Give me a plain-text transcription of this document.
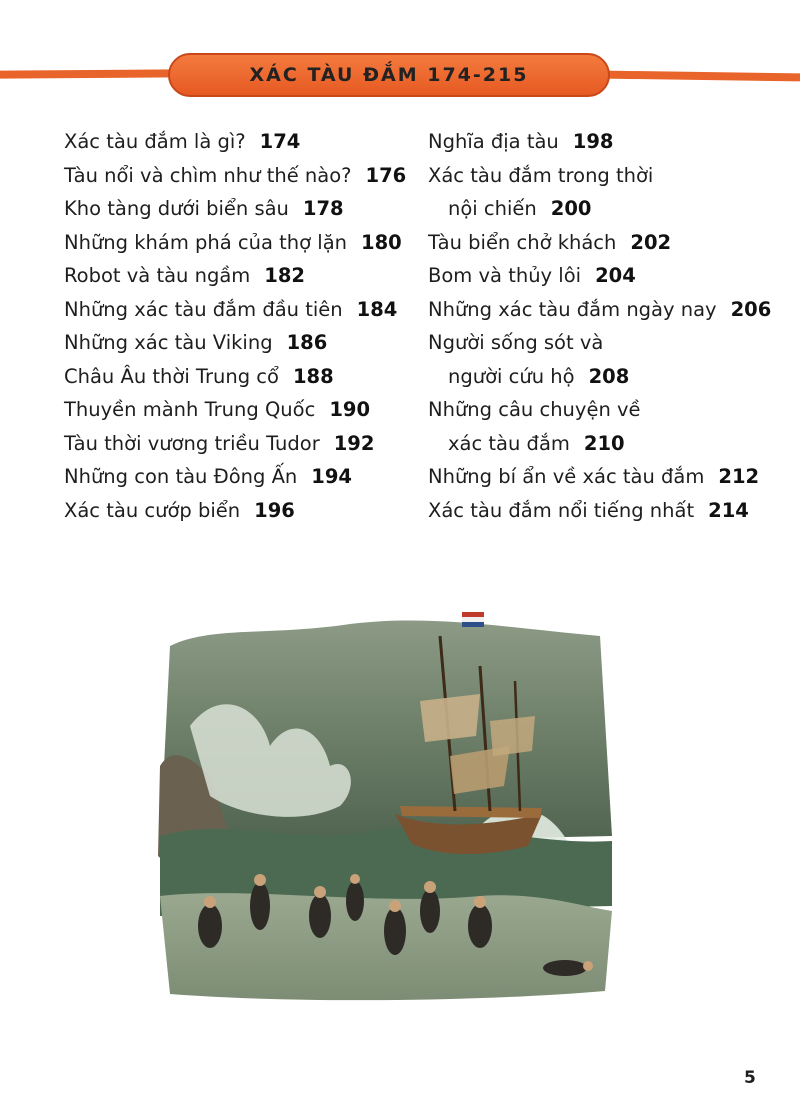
XÁC TÀU ĐẮM 174-215
Xác tàu đắm là gì? 174
Tàu nổi và chìm như thế nào? 176
Kho tàng dưới biển sâu 178
Những khám phá của thợ lặn 180
Robot và tàu ngầm 182
Những xác tàu đắm đầu tiên 184
Những xác tàu Viking 186
Châu Âu thời Trung cổ 188
Thuyền mành Trung Quốc 190
Tàu thời vương triều Tudor 192
Những con tàu Đông Ấn 194
Xác tàu cướp biển 196
Nghĩa địa tàu 198
Xác tàu đắm trong thời
nội chiến 200
Tàu biển chở khách 202
Bom và thủy lôi 204
Những xác tàu đắm ngày nay 206
Người sống sót và
người cứu hộ 208
Những câu chuyện về
xác tàu đắm 210
Những bí ẩn về xác tàu đắm 212
Xác tàu đắm nổi tiếng nhất 214
5
